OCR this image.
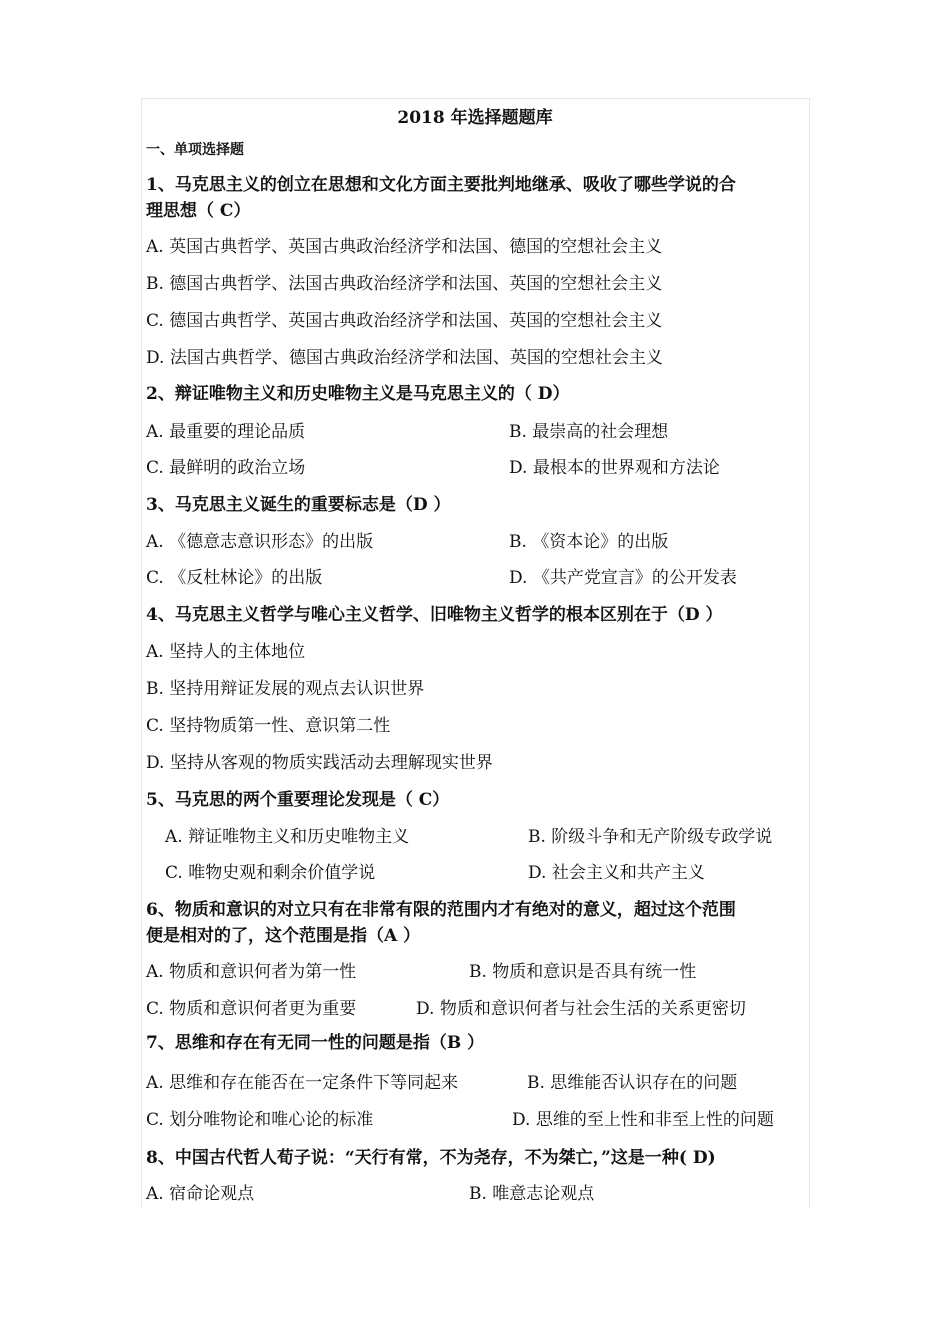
2018 年选择题题库
一、单项选择题
1、马克思主义的创立在思想和文化方面主要批判地继承、吸收了哪些学说的合
理思想（ C）
A. 英国古典哲学、英国古典政治经济学和法国、德国的空想社会主义
B. 德国古典哲学、法国古典政治经济学和法国、英国的空想社会主义
C. 德国古典哲学、英国古典政治经济学和法国、英国的空想社会主义
D. 法国古典哲学、德国古典政治经济学和法国、英国的空想社会主义
2、辩证唯物主义和历史唯物主义是马克思主义的（ D）
A. 最重要的理论品质	B. 最崇高的社会理想
C. 最鲜明的政治立场	D. 最根本的世界观和方法论
3、马克思主义诞生的重要标志是（D ）
A. 《德意志意识形态》的出版	B. 《资本论》的出版
C. 《反杜林论》的出版	D. 《共产党宣言》的公开发表
4、马克思主义哲学与唯心主义哲学、旧唯物主义哲学的根本区别在于（D ）
A. 坚持人的主体地位
B. 坚持用辩证发展的观点去认识世界
C. 坚持物质第一性、意识第二性
D. 坚持从客观的物质实践活动去理解现实世界
5、马克思的两个重要理论发现是（ C）
A. 辩证唯物主义和历史唯物主义	B. 阶级斗争和无产阶级专政学说
C. 唯物史观和剩余价值学说	D. 社会主义和共产主义
6、物质和意识的对立只有在非常有限的范围内才有绝对的意义，超过这个范围
便是相对的了，这个范围是指（A ）
A. 物质和意识何者为第一性	B. 物质和意识是否具有统一性
C. 物质和意识何者更为重要	D. 物质和意识何者与社会生活的关系更密切
7、思维和存在有无同一性的问题是指（B ）
A. 思维和存在能否在一定条件下等同起来	B. 思维能否认识存在的问题
C. 划分唯物论和唯心论的标准	D. 思维的至上性和非至上性的问题
8、中国古代哲人荀子说：“天行有常，不为尧存，不为桀亡，”这是一种( D)
A. 宿命论观点	B. 唯意志论观点
